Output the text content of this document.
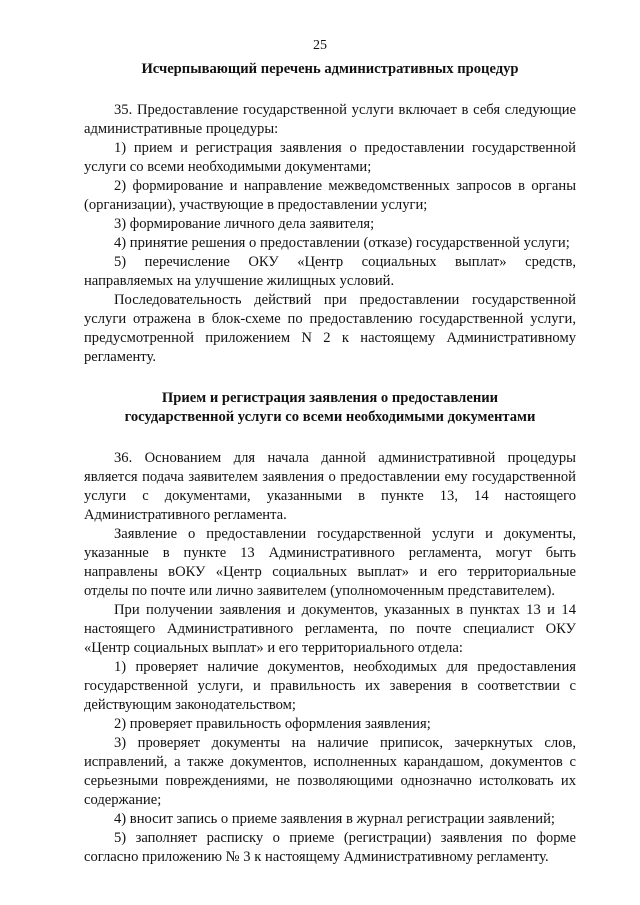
25
Исчерпывающий перечень административных процедур

35. Предоставление государственной услуги включает в себя следующие административные процедуры:

1) прием и регистрация заявления о предоставлении государственной услуги со всеми необходимыми документами;

2) формирование и направление межведомственных запросов в органы (организации), участвующие в предоставлении услуги;

3) формирование личного дела заявителя;

4) принятие решения о предоставлении (отказе) государственной услуги;

5) перечисление ОКУ «Центр социальных выплат» средств, направляемых на улучшение жилищных условий.

Последовательность действий при предоставлении государственной услуги отражена в блок-схеме по предоставлению государственной услуги, предусмотренной приложением N 2 к настоящему Административному регламенту.

Прием и регистрация заявления о предоставлении
государственной услуги со всеми необходимыми документами

36. Основанием для начала данной административной процедуры является подача заявителем заявления о предоставлении ему государственной услуги с документами, указанными в пункте 13, 14 настоящего Административного регламента.

Заявление о предоставлении государственной услуги и документы, указанные в пункте 13 Административного регламента, могут быть направлены вОКУ «Центр социальных выплат» и его территориальные отделы по почте или лично заявителем (уполномоченным представителем).

При получении заявления и документов, указанных в пунктах 13 и 14 настоящего Административного регламента, по почте специалист ОКУ «Центр социальных выплат» и его территориального отдела:

1) проверяет наличие документов, необходимых для предоставления государственной услуги, и правильность их заверения в соответствии с действующим законодательством;

2) проверяет правильность оформления заявления;

3) проверяет документы на наличие приписок, зачеркнутых слов, исправлений, а также документов, исполненных карандашом, документов с серьезными повреждениями, не позволяющими однозначно истолковать их содержание;

4) вносит запись о приеме заявления в журнал регистрации заявлений;

5) заполняет расписку о приеме (регистрации) заявления по форме согласно приложению № 3 к настоящему Административному регламенту.
